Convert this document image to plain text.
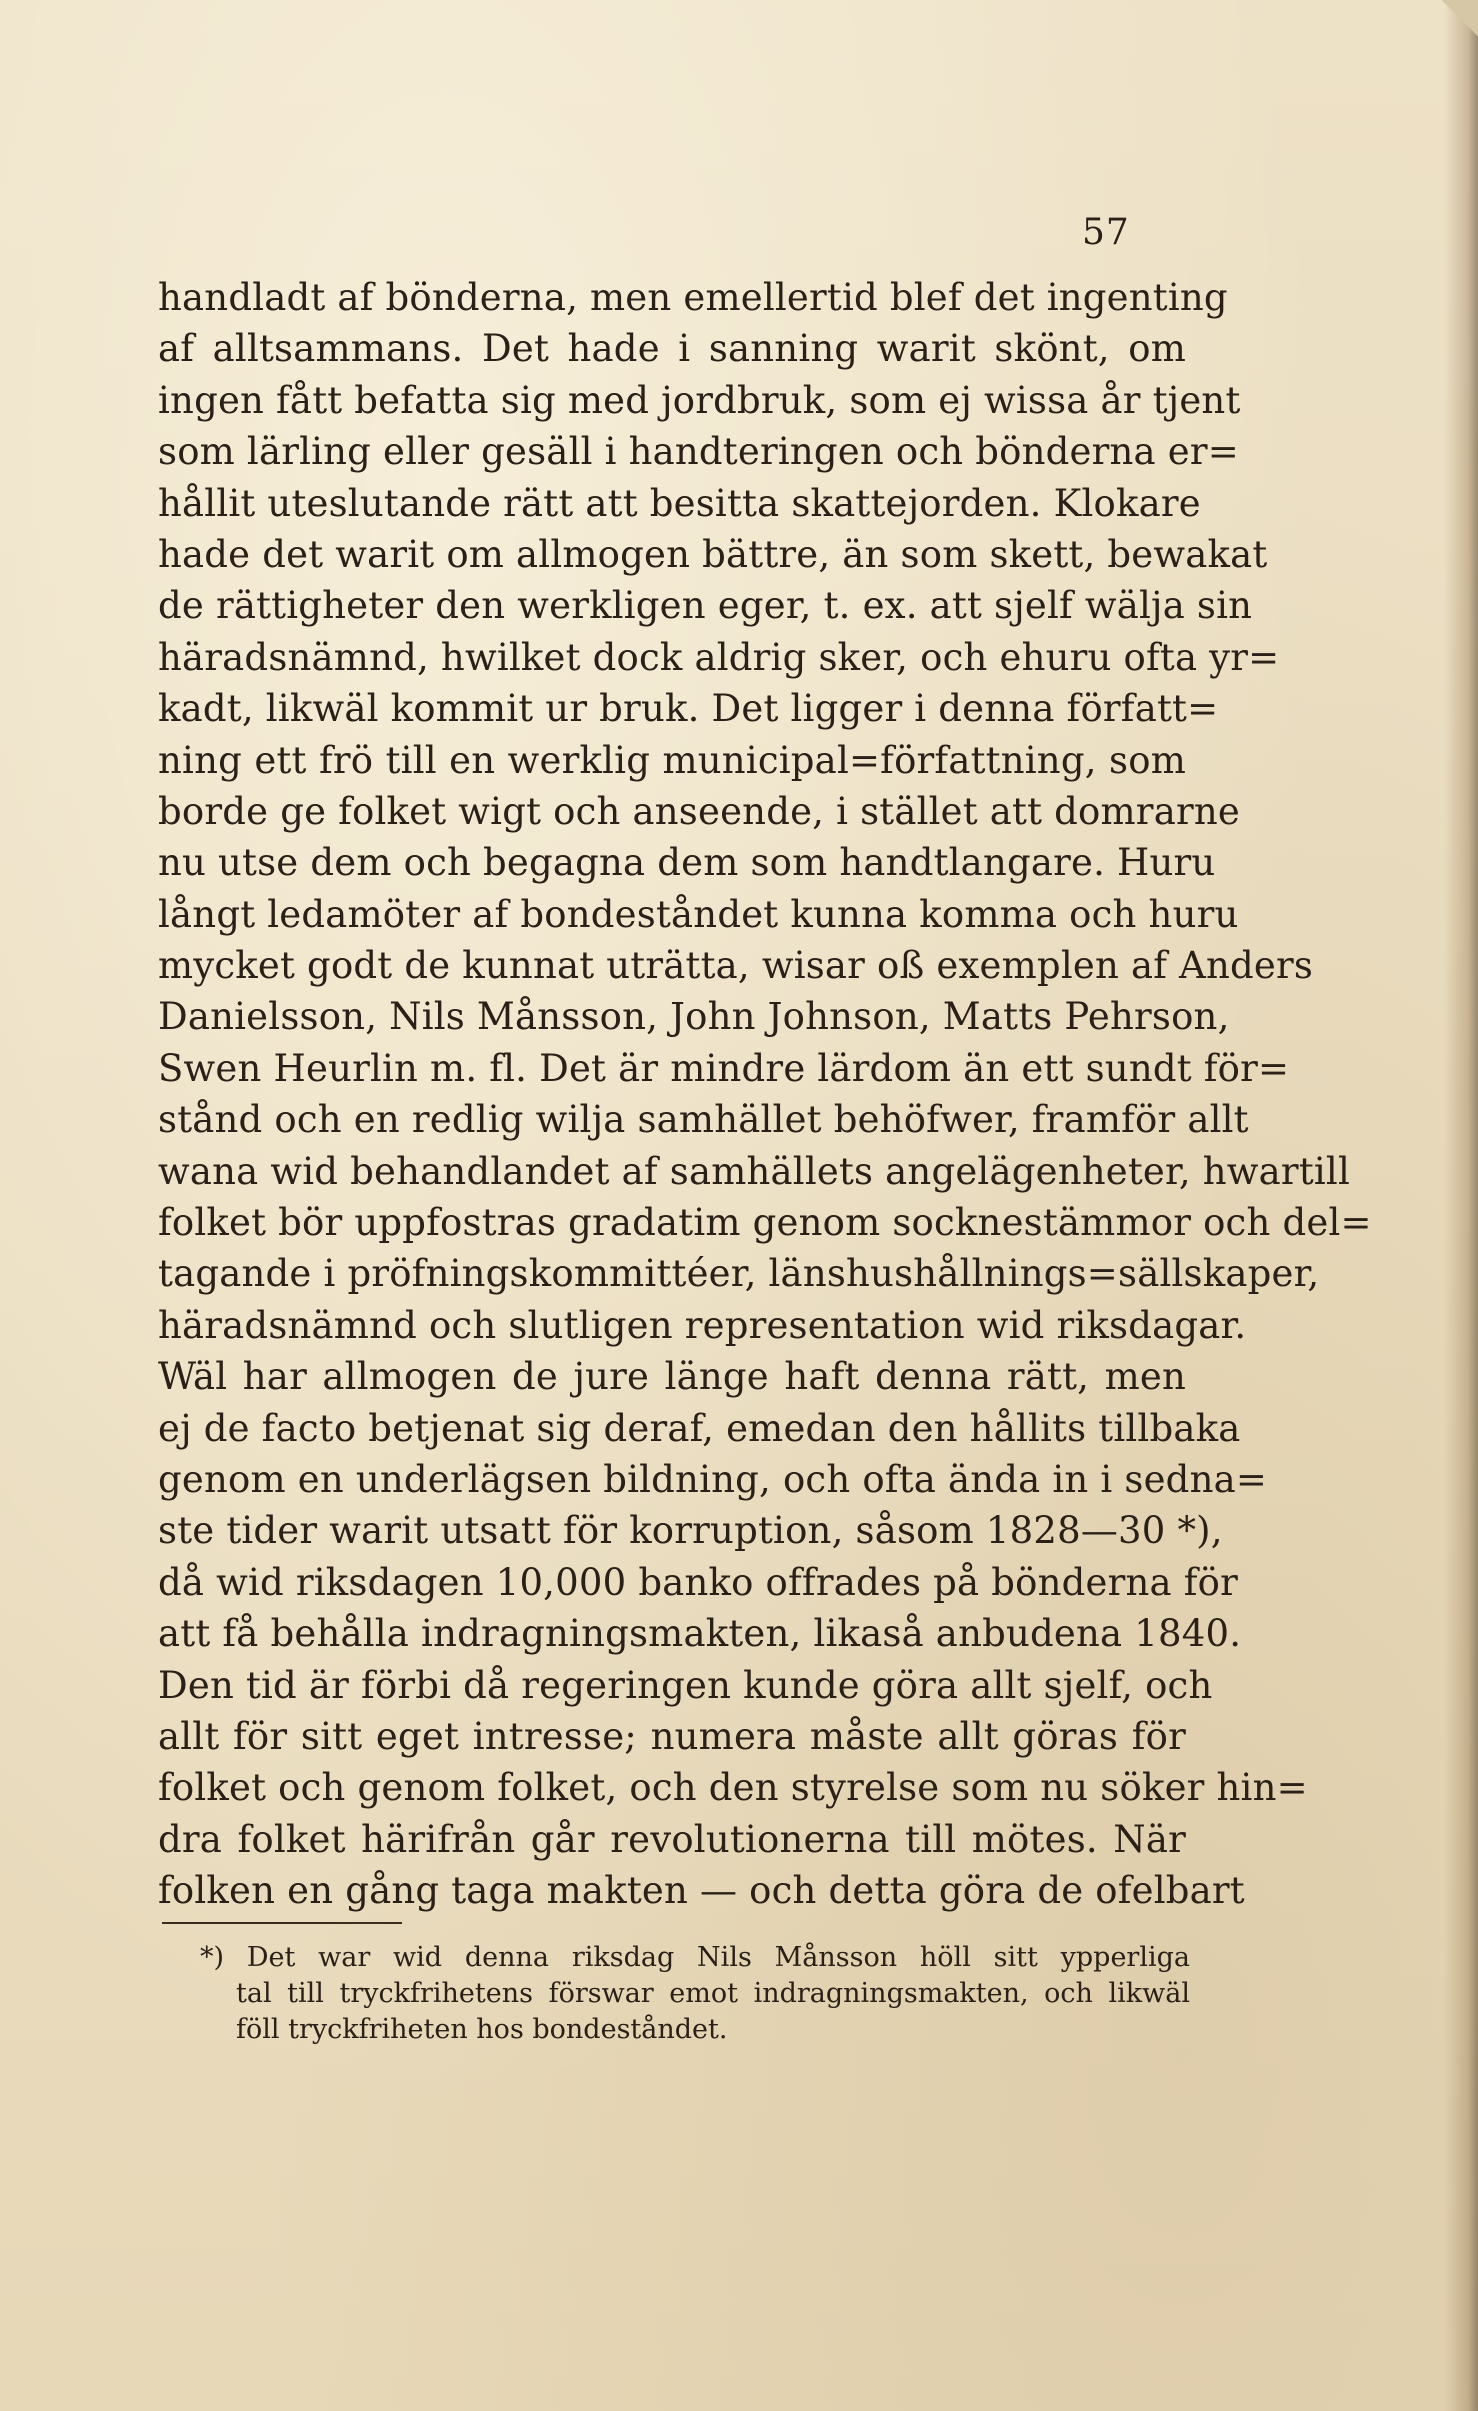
57
handladt af bönderna, men emellertid blef det ingenting
af alltsammans. Det hade i sanning warit skönt, om
ingen fått befatta sig med jordbruk, som ej wissa år tjent
som lärling eller gesäll i handteringen och bönderna er=
hållit uteslutande rätt att besitta skattejorden. Klokare
hade det warit om allmogen bättre, än som skett, bewakat
de rättigheter den werkligen eger, t. ex. att sjelf wälja sin
häradsnämnd, hwilket dock aldrig sker, och ehuru ofta yr=
kadt, likwäl kommit ur bruk. Det ligger i denna författ=
ning ett frö till en werklig municipal=författning, som
borde ge folket wigt och anseende, i stället att domrarne
nu utse dem och begagna dem som handtlangare. Huru
långt ledamöter af bondeståndet kunna komma och huru
mycket godt de kunnat uträtta, wisar oß exemplen af Anders
Danielsson, Nils Månsson, John Johnson, Matts Pehrson,
Swen Heurlin m. fl. Det är mindre lärdom än ett sundt för=
stånd och en redlig wilja samhället behöfwer, framför allt
wana wid behandlandet af samhällets angelägenheter, hwartill
folket bör uppfostras gradatim genom socknestämmor och del=
tagande i pröfningskommittéer, länshushållnings=sällskaper,
häradsnämnd och slutligen representation wid riksdagar.
Wäl har allmogen de jure länge haft denna rätt, men
ej de facto betjenat sig deraf, emedan den hållits tillbaka
genom en underlägsen bildning, och ofta ända in i sedna=
ste tider warit utsatt för korruption, såsom 1828—30 *),
då wid riksdagen 10,000 banko offrades på bönderna för
att få behålla indragningsmakten, likaså anbudena 1840.
Den tid är förbi då regeringen kunde göra allt sjelf, och
allt för sitt eget intresse; numera måste allt göras för
folket och genom folket, och den styrelse som nu söker hin=
dra folket härifrån går revolutionerna till mötes. När
folken en gång taga makten — och detta göra de ofelbart
*) Det war wid denna riksdag Nils Månsson höll sitt ypperliga
tal till tryckfrihetens förswar emot indragningsmakten, och likwäl
föll tryckfriheten hos bondeståndet.
